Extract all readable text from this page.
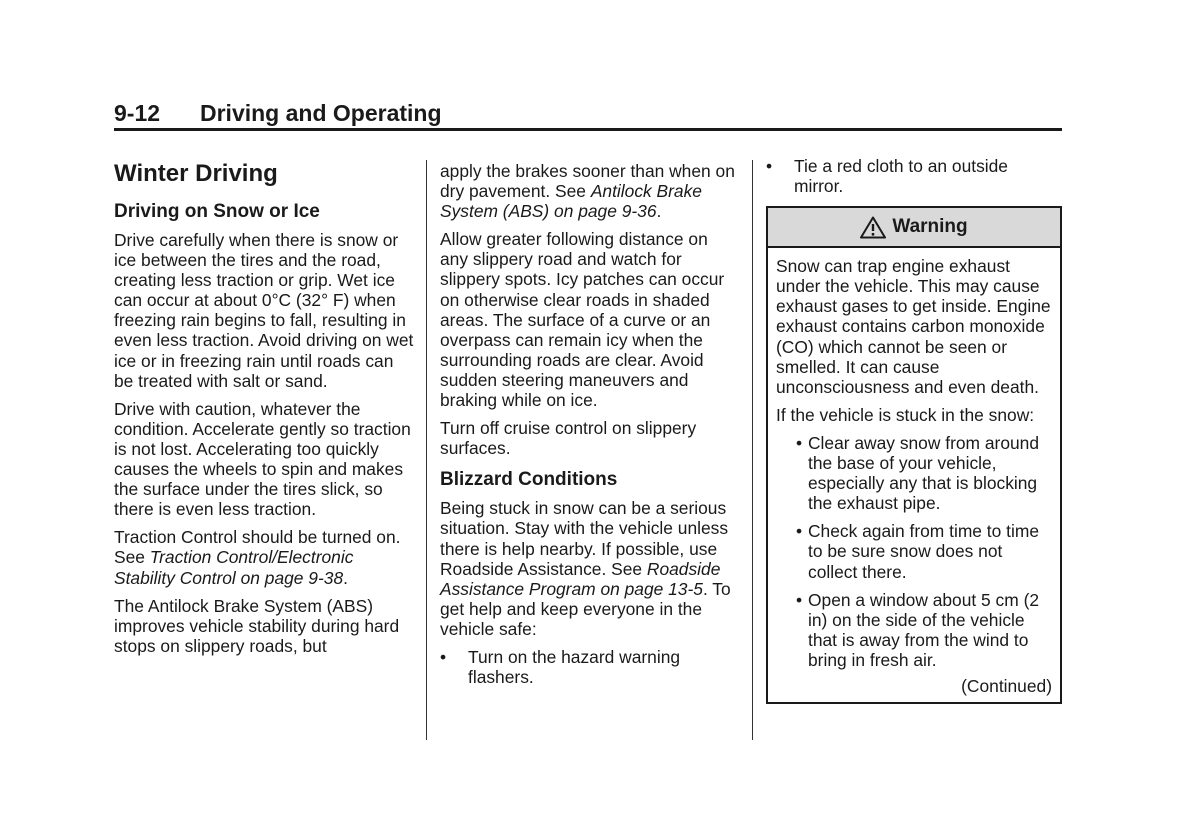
9-12 Driving and Operating
Winter Driving
Driving on Snow or Ice

Drive carefully when there is snow or ice between the tires and the road, creating less traction or grip. Wet ice can occur at about 0°C (32° F) when freezing rain begins to fall, resulting in even less traction. Avoid driving on wet ice or in freezing rain until roads can be treated with salt or sand.

Drive with caution, whatever the condition. Accelerate gently so traction is not lost. Accelerating too quickly causes the wheels to spin and makes the surface under the tires slick, so there is even less traction.

Traction Control should be turned on. See Traction Control/Electronic Stability Control on page 9-38.

The Antilock Brake System (ABS) improves vehicle stability during hard stops on slippery roads, but

apply the brakes sooner than when on dry pavement. See Antilock Brake System (ABS) on page 9-36.

Allow greater following distance on any slippery road and watch for slippery spots. Icy patches can occur on otherwise clear roads in shaded areas. The surface of a curve or an overpass can remain icy when the surrounding roads are clear. Avoid sudden steering maneuvers and braking while on ice.

Turn off cruise control on slippery surfaces.

Blizzard Conditions

Being stuck in snow can be a serious situation. Stay with the vehicle unless there is help nearby. If possible, use Roadside Assistance. See Roadside Assistance Program on page 13-5. To get help and keep everyone in the vehicle safe:

• Turn on the hazard warning flashers.
• Tie a red cloth to an outside mirror.
Warning

Snow can trap engine exhaust under the vehicle. This may cause exhaust gases to get inside. Engine exhaust contains carbon monoxide (CO) which cannot be seen or smelled. It can cause unconsciousness and even death.

If the vehicle is stuck in the snow:

• Clear away snow from around the base of your vehicle, especially any that is blocking the exhaust pipe.
• Check again from time to time to be sure snow does not collect there.
• Open a window about 5 cm (2 in) on the side of the vehicle that is away from the wind to bring in fresh air.
(Continued)
